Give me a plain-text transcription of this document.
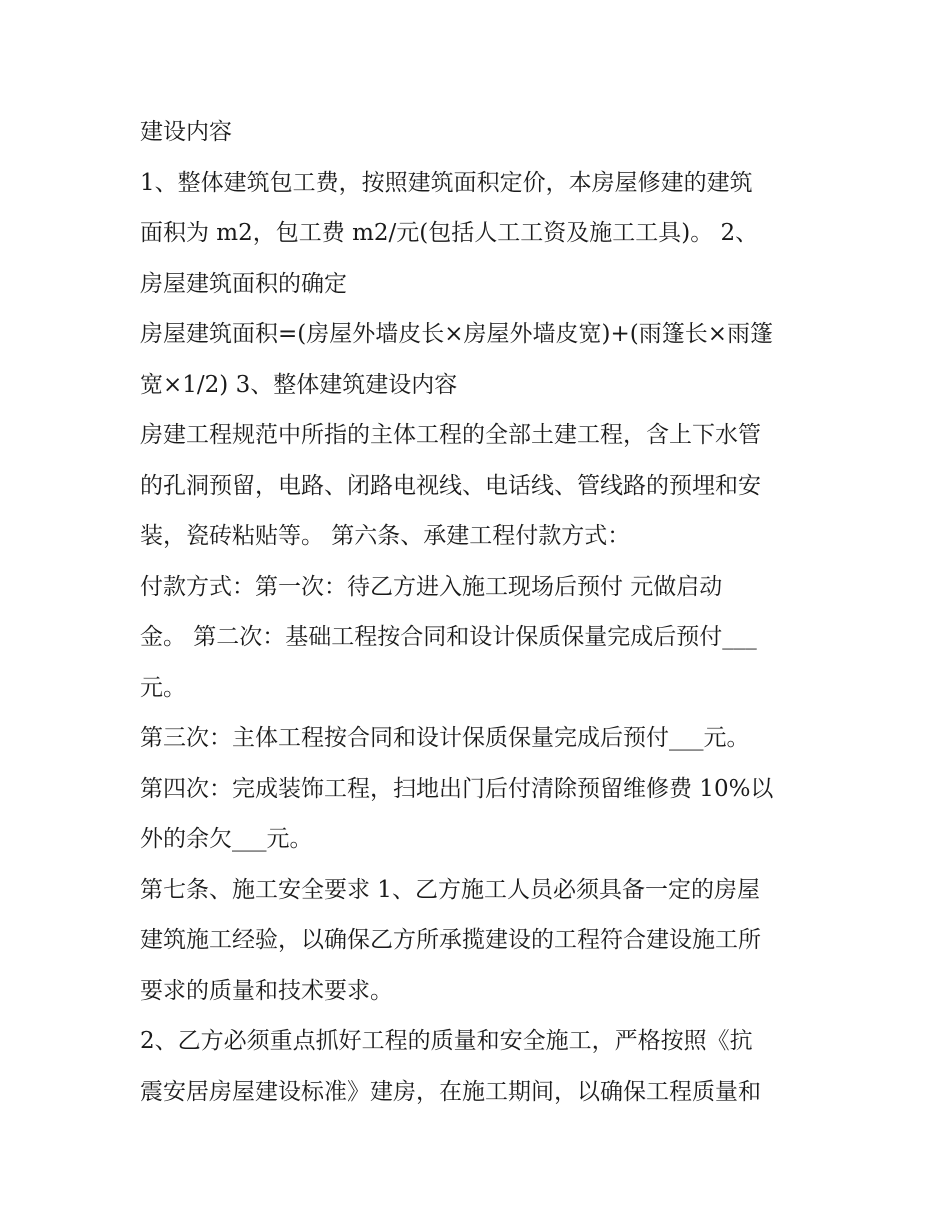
建设内容
1、整体建筑包工费，按照建筑面积定价，本房屋修建的建筑
面积为 m2，包工费 m2/元(包括人工工资及施工工具)。 2、
房屋建筑面积的确定
房屋建筑面积=(房屋外墙皮长×房屋外墙皮宽)+(雨篷长×雨篷
宽×1/2) 3、整体建筑建设内容
房建工程规范中所指的主体工程的全部土建工程，含上下水管
的孔洞预留，电路、闭路电视线、电话线、管线路的预埋和安
装，瓷砖粘贴等。 第六条、承建工程付款方式：
付款方式：第一次：待乙方进入施工现场后预付 元做启动
金。 第二次：基础工程按合同和设计保质保量完成后预付___
元。
第三次：主体工程按合同和设计保质保量完成后预付___元。
第四次：完成装饰工程，扫地出门后付清除预留维修费 10%以
外的余欠___元。
第七条、施工安全要求 1、乙方施工人员必须具备一定的房屋
建筑施工经验，以确保乙方所承揽建设的工程符合建设施工所
要求的质量和技术要求。
2、乙方必须重点抓好工程的质量和安全施工，严格按照《抗
震安居房屋建设标准》建房，在施工期间，以确保工程质量和
